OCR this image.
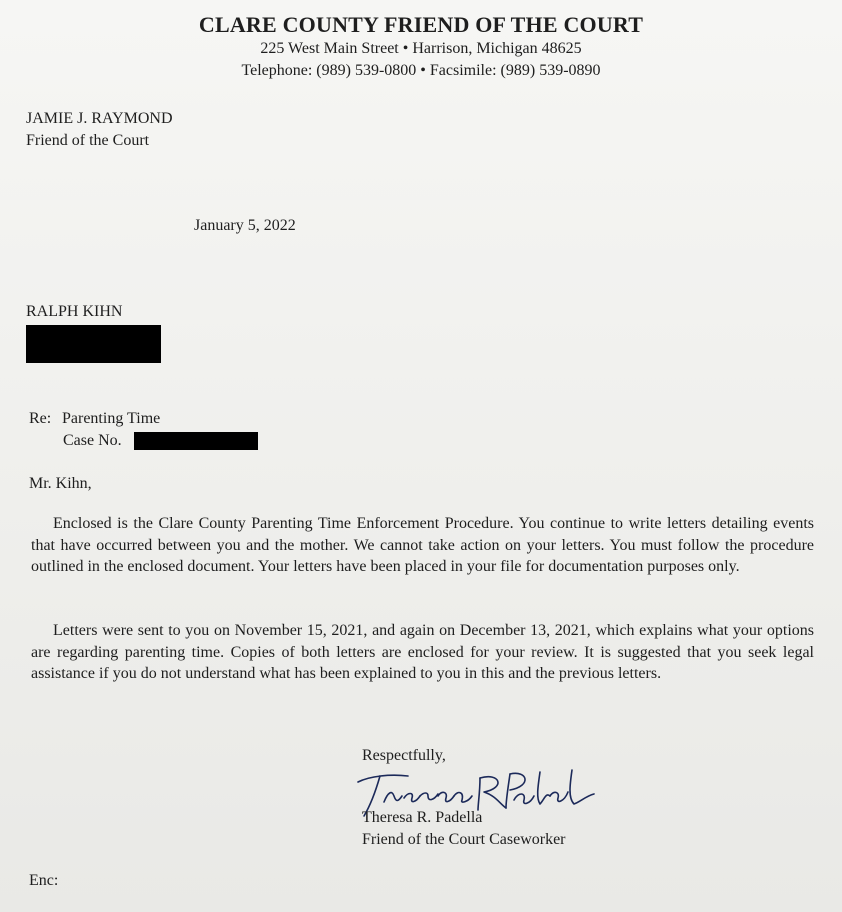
CLARE COUNTY FRIEND OF THE COURT
225 West Main Street • Harrison, Michigan 48625
Telephone: (989) 539-0800 • Facsimile: (989) 539-0890
JAMIE J. RAYMOND
Friend of the Court
January 5, 2022
RALPH KIHN
Re: Parenting Time
Case No.
Mr. Kihn,
Enclosed is the Clare County Parenting Time Enforcement Procedure. You continue to write letters detailing events that have occurred between you and the mother. We cannot take action on your letters. You must follow the procedure outlined in the enclosed document. Your letters have been placed in your file for documentation purposes only.
Letters were sent to you on November 15, 2021, and again on December 13, 2021, which explains what your options are regarding parenting time. Copies of both letters are enclosed for your review. It is suggested that you seek legal assistance if you do not understand what has been explained to you in this and the previous letters.
Respectfully,
Theresa R. Padella
Friend of the Court Caseworker
Enc:
